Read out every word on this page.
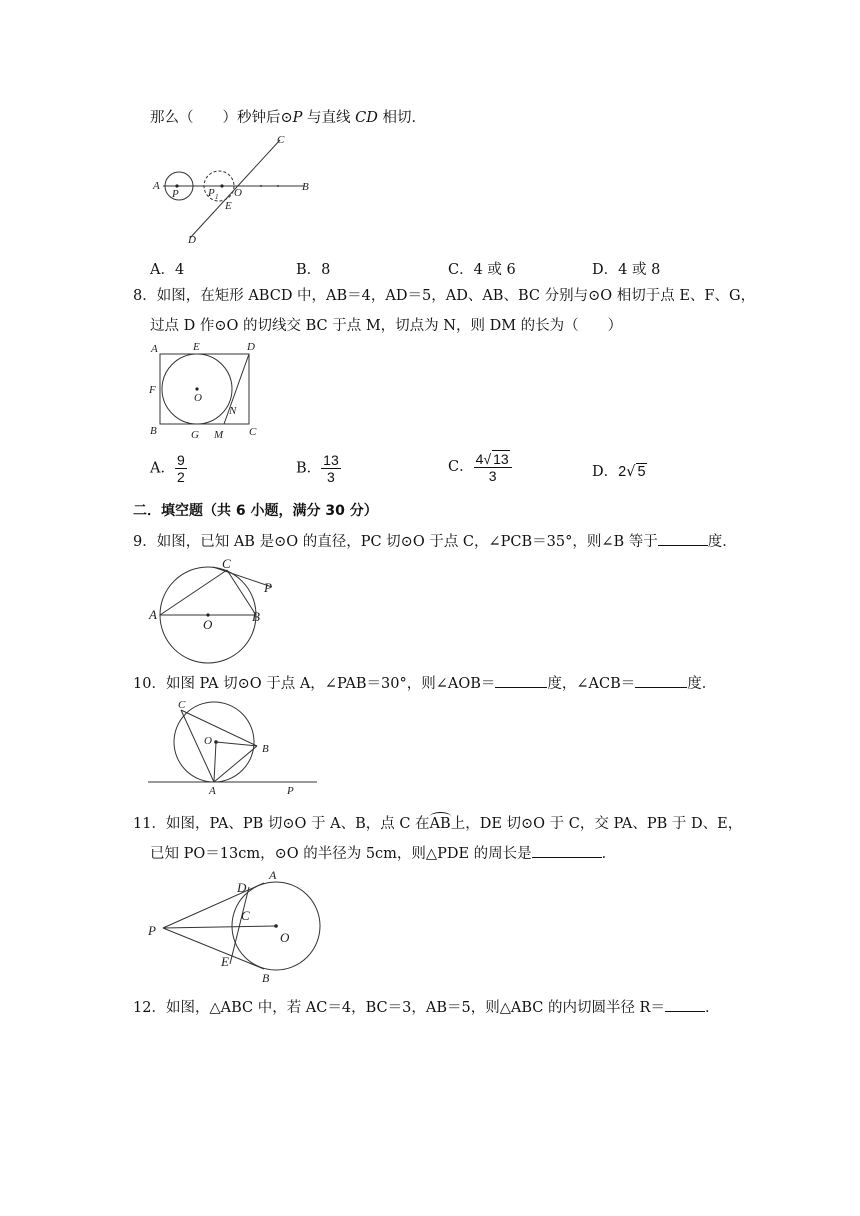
那么（　　）秒钟后⊙P 与直线 CD 相切．
A
P	P 1 O
E
B
C
D
A．4	B．8	C．4 或 6	D．4 或 8
8．如图，在矩形 ABCD 中，AB＝4，AD＝5，AD、AB、BC 分别与⊙O 相切于点 E、F、G，
过点 D 作⊙O 的切线交 BC 于点 M，切点为 N，则 DM 的长为（　　）
A	E	D
F
O
N
B	G M C
A． $\frac{9}{2}$	B． $\frac{13}{3}$	C． $\frac{4√ 13}{3}$	D．2√ 5
二．填空题（共 6 小题，满分 30 分）
9．如图，已知 AB 是⊙O 的直径，PC 切⊙O 于点 C，∠PCB＝35°，则∠B 等于	度．
A
O
B
C
P
10．如图 PA 切⊙O 于点 A，∠PAB＝30°，则∠AOB＝	度，∠ACB＝	度．
C
O
B
A	P
11．如图，PA、PB 切⊙O 于 A、B，点 C 在AB上，DE 切⊙O 于 C，交 PA、PB 于 D、E，
已知 PO＝13cm，⊙O 的半径为 5cm，则△PDE 的周长是	．
A
D
C
P	O
E
B
12．如图，△ABC 中，若 AC＝4，BC＝3，AB＝5，则△ABC 的内切圆半径 R＝	．
